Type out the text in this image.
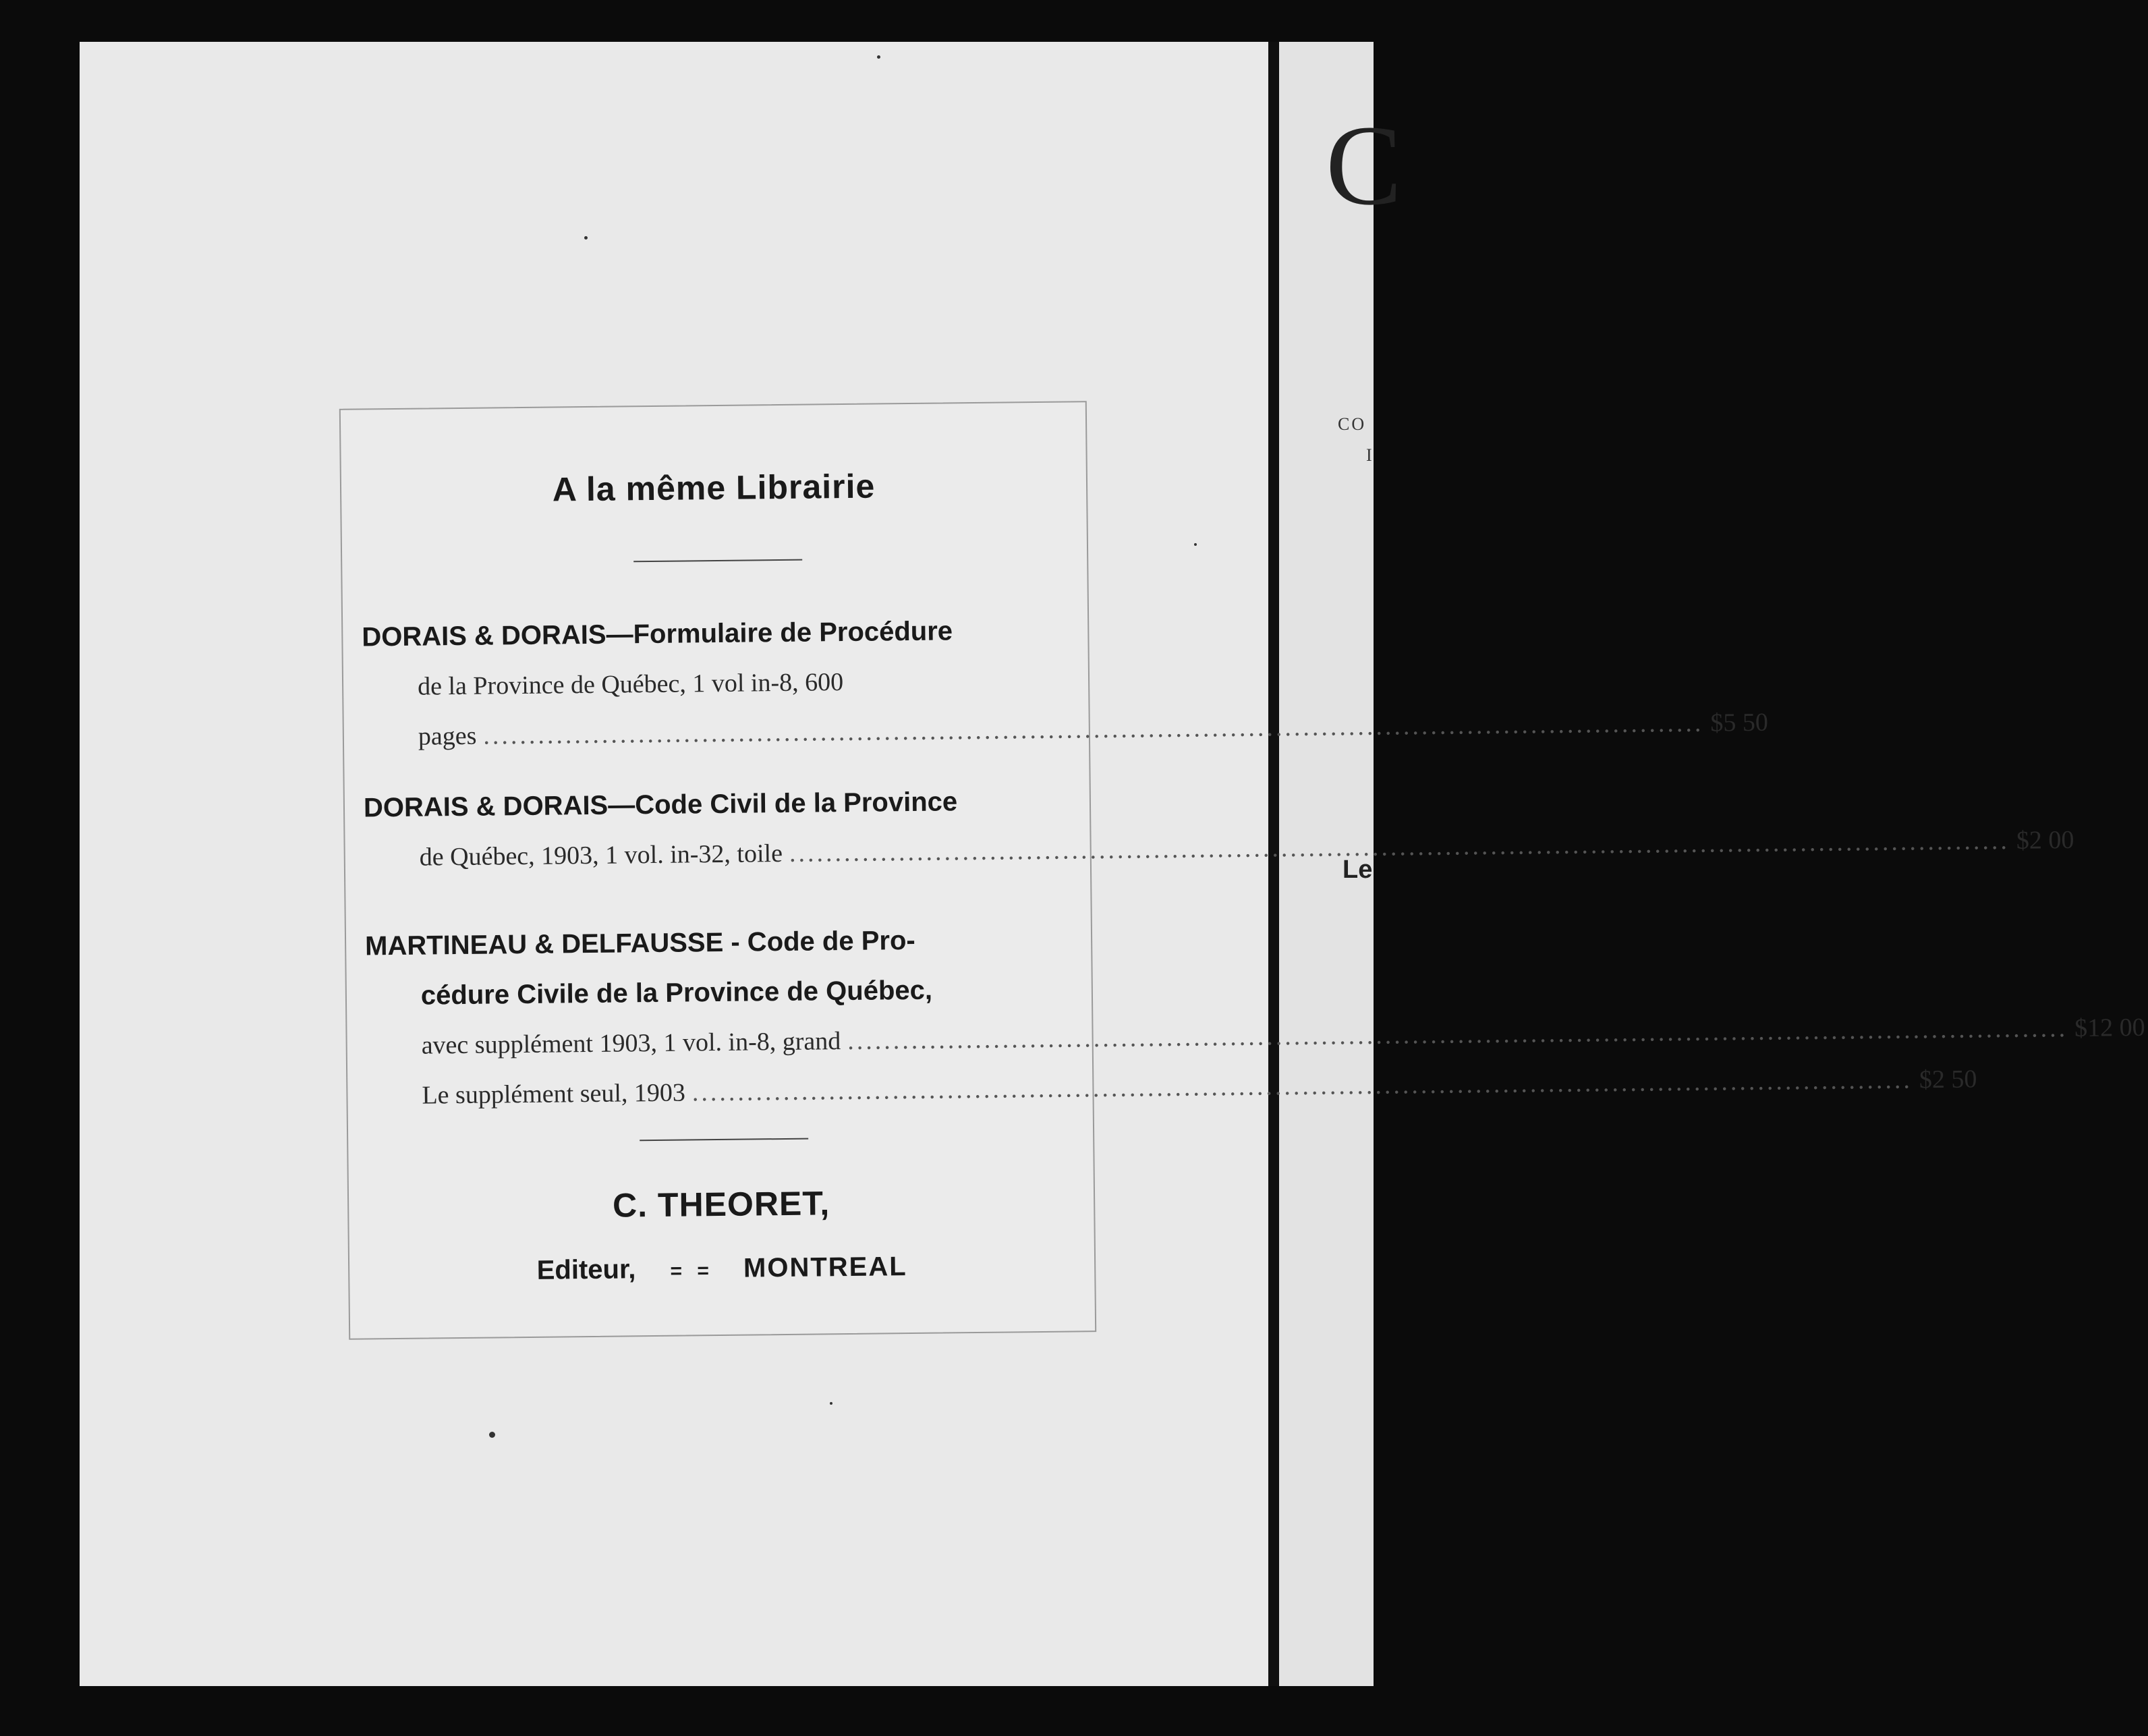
C
CO
I
Le
A la même Librairie
DORAIS & DORAIS—Formulaire de Procédure
de la Province de Québec, 1 vol in-8, 600
pages .....	$5 50
DORAIS & DORAIS—Code Civil de la Province
de Québec, 1903, 1 vol. in-32, toile .....	$2 00
MARTINEAU & DELFAUSSE - Code de Pro-
cédure Civile de la Province de Québec,
avec supplément 1903, 1 vol. in-8, grand .....	$12 00
Le supplément seul, 1903 .....	$2 50
C. THEORET,
Editeur, = = MONTREAL
